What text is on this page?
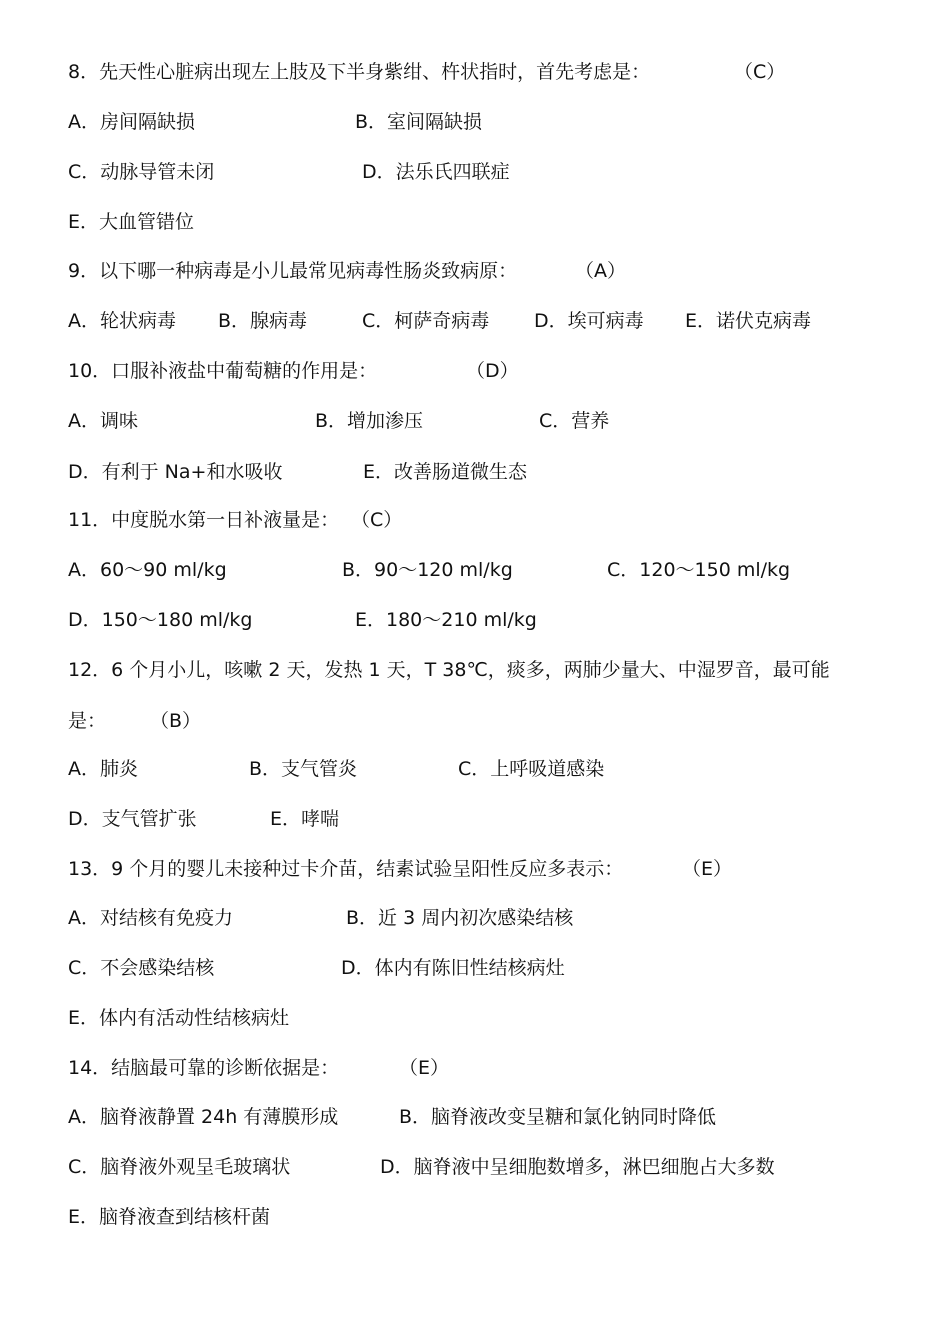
8．先天性心脏病出现左上肢及下半身紫绀、杵状指时，首先考虑是：	（C）
A．房间隔缺损	B．室间隔缺损
C．动脉导管未闭	D．法乐氏四联症
E．大血管错位
9．以下哪一种病毒是小儿最常见病毒性肠炎致病原：	（A）
A．轮状病毒 B．腺病毒	C．柯萨奇病毒 D．埃可病毒 E．诺伏克病毒
10．口服补液盐中葡萄糖的作用是：	（D）
A．调味	B．增加渗压	C．营养
D．有利于 Na+和水吸收	E．改善肠道微生态
11．中度脱水第一日补液量是： （C）
A．60～90 ml/kg	B．90～120 ml/kg	C．120～150 ml/kg
D．150～180 ml/kg	E．180～210 ml/kg
12．6 个月小儿，咳嗽 2 天，发热 1 天，T 38℃，痰多，两肺少量大、中湿罗音，最可能
是： （B）
A．肺炎	B．支气管炎	C．上呼吸道感染
D．支气管扩张	E．哮喘
13．9 个月的婴儿未接种过卡介苗，结素试验呈阳性反应多表示：	（E）
A．对结核有免疫力	B．近 3 周内初次感染结核
C．不会感染结核	D．体内有陈旧性结核病灶
E．体内有活动性结核病灶
14．结脑最可靠的诊断依据是：	（E）
A．脑脊液静置 24h 有薄膜形成	B．脑脊液改变呈糖和氯化钠同时降低
C．脑脊液外观呈毛玻璃状	D．脑脊液中呈细胞数增多，淋巴细胞占大多数
E．脑脊液查到结核杆菌
